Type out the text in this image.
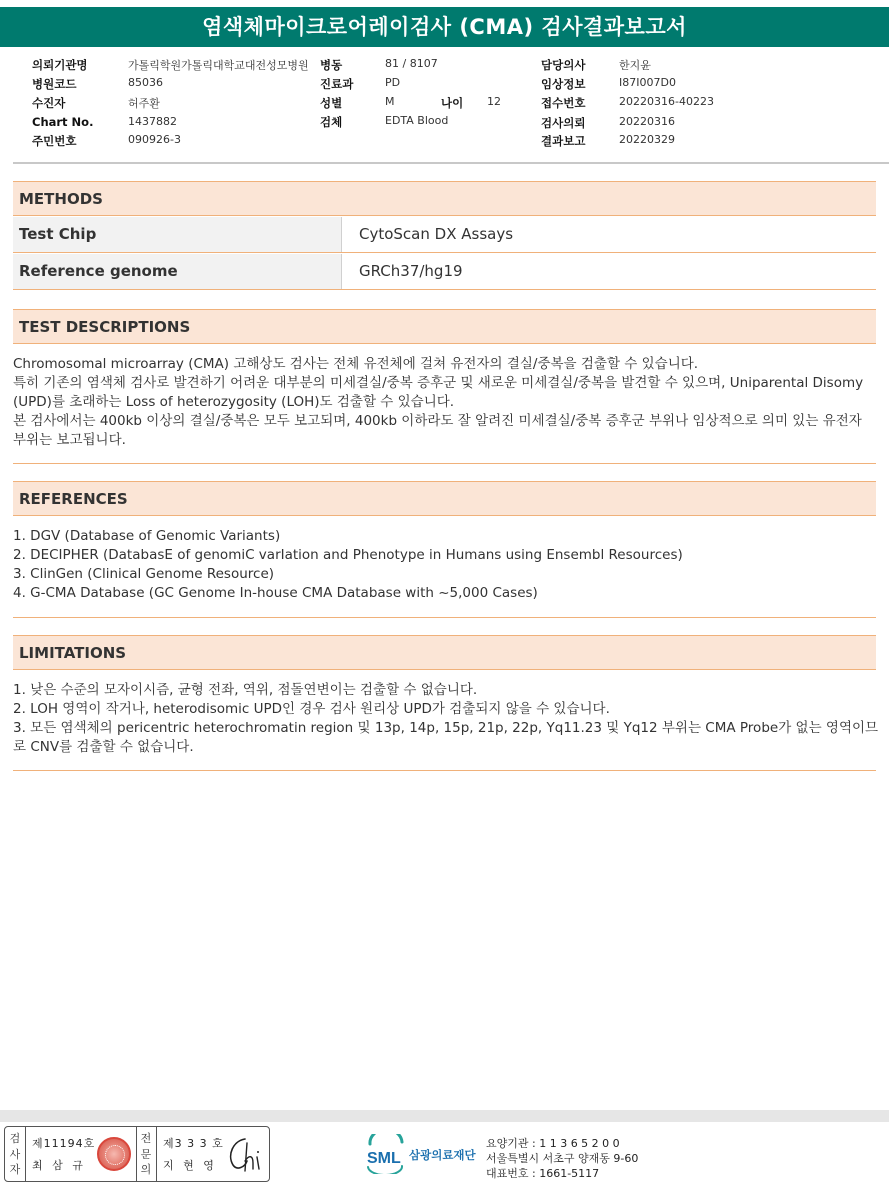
염색체마이크로어레이검사 (CMA) 검사결과보고서
의뢰기관명	가톨릭학원가톨릭대학교대전성모병원 병동	81 / 8107	담당의사	한지윤
병원코드	85036	진료과	PD	임상정보	I87I007D0
수진자	허주환	성별	M	나이 12	접수번호	20220316-40223
Chart No.	1437882	검체	EDTA Blood	검사의뢰	20220316
주민번호	090926-3	결과보고	20220329
METHODS
Test Chip	CytoScan DX Assays
Reference genome	GRCh37/hg19
TEST DESCRIPTIONS

Chromosomal microarray (CMA) 고해상도 검사는 전체 유전체에 걸쳐 유전자의 결실/중복을 검출할 수 있습니다.

특히 기존의 염색체 검사로 발견하기 어려운 대부분의 미세결실/중복 증후군 및 새로운 미세결실/중복을 발견할 수 있으며, Uniparental Disomy (UPD)를 초래하는 Loss of heterozygosity (LOH)도 검출할 수 있습니다.

본 검사에서는 400kb 이상의 결실/중복은 모두 보고되며, 400kb 이하라도 잘 알려진 미세결실/중복 증후군 부위나 임상적으로 의미 있는 유전자 부위는 보고됩니다.

REFERENCES

1. DGV (Database of Genomic Variants)

2. DECIPHER (DatabasE of genomiC varIation and Phenotype in Humans using Ensembl Resources)

3. ClinGen (Clinical Genome Resource)

4. G-CMA Database (GC Genome In-house CMA Database with ~5,000 Cases)

LIMITATIONS

1. 낮은 수준의 모자이시즘, 균형 전좌, 역위, 점돌연변이는 검출할 수 없습니다.

2. LOH 영역이 작거나, heterodisomic UPD인 경우 검사 원리상 UPD가 검출되지 않을 수 있습니다.

3. 모든 염색체의 pericentric heterochromatin region 및 13p, 14p, 15p, 21p, 22p, Yq11.23 및 Yq12 부위는 CMA Probe가 없는 영역이므로 CNV를 검출할 수 없습니다.

검
사
자
제11194호
최 삼 규
전
문
의
제3 3 3 호
지 현 영	SML 삼광의료재단
요양기관 : 1 1 3 6 5 2 0 0
서울특별시 서초구 양재동 9-60
대표번호 : 1661-5117
